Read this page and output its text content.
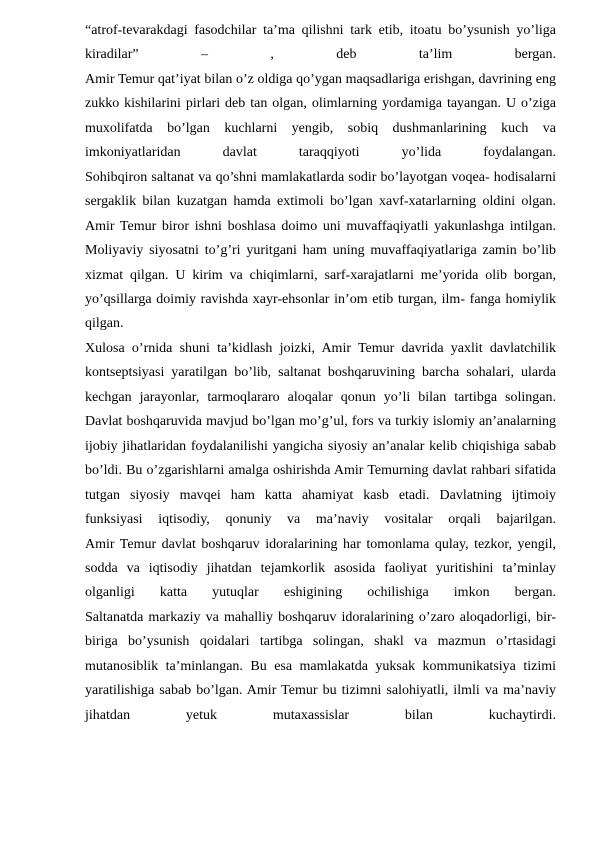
“atrof-tevarakdagi fasodchilar ta’ma qilishni tark etib, itoatu bo’ysunish yo’liga kiradilar” – , deb ta’lim bergan.

Amir Temur qat’iyat bilan o’z oldiga qo’ygan maqsadlariga erishgan, davrining eng zukko kishilarini pirlari deb tan olgan, olimlarning yordamiga tayangan. U o’ziga muxolifatda bo’lgan kuchlarni yengib, sobiq dushmanlarining kuch va imkoniyatlaridan davlat taraqqiyoti yo’lida foydalangan.

Sohibqiron saltanat va qo’shni mamlakatlarda sodir bo’layotgan voqea- hodisalarni sergaklik bilan kuzatgan hamda extimoli bo’lgan xavf-xatarlarning oldini olgan.

Amir Temur biror ishni boshlasa doimo uni muvaffaqiyatli yakunlashga intilgan. Moliyaviy siyosatni to’g’ri yuritgani ham uning muvaffaqiyatlariga zamin bo’lib xizmat qilgan. U kirim va chiqimlarni, sarf-xarajatlarni me’yorida olib borgan, yo’qsillarga doimiy ravishda xayr-ehsonlar in’om etib turgan, ilm- fanga homiylik qilgan.

Xulosa o’rnida shuni ta’kidlash joizki, Amir Temur davrida yaxlit davlatchilik kontseptsiyasi yaratilgan bo’lib, saltanat boshqaruvining barcha sohalari, ularda kechgan jarayonlar, tarmoqlararo aloqalar qonun yo’li bilan tartibga solingan. Davlat boshqaruvida mavjud bo’lgan mo’g’ul, fors va turkiy islomiy an’analarning ijobiy jihatlaridan foydalanilishi yangicha siyosiy an’analar kelib chiqishiga sabab bo’ldi. Bu o’zgarishlarni amalga oshirishda Amir Temurning davlat rahbari sifatida tutgan siyosiy mavqei ham katta ahamiyat kasb etadi. Davlatning ijtimoiy funksiyasi iqtisodiy, qonuniy va ma’naviy vositalar orqali bajarilgan.

Amir Temur davlat boshqaruv idoralarining har tomonlama qulay, tezkor, yengil, sodda va iqtisodiy jihatdan tejamkorlik asosida faoliyat yuritishini ta’minlay olganligi katta yutuqlar eshigining ochilishiga imkon bergan.

Saltanatda markaziy va mahalliy boshqaruv idoralarining o’zaro aloqadorligi, bir-biriga bo’ysunish qoidalari tartibga solingan, shakl va mazmun o’rtasidagi mutanosiblik ta’minlangan. Bu esa mamlakatda yuksak kommunikatsiya tizimi yaratilishiga sabab bo’lgan. Amir Temur bu tizimni salohiyatli, ilmli va ma’naviy jihatdan yetuk mutaxassislar bilan kuchaytirdi.
